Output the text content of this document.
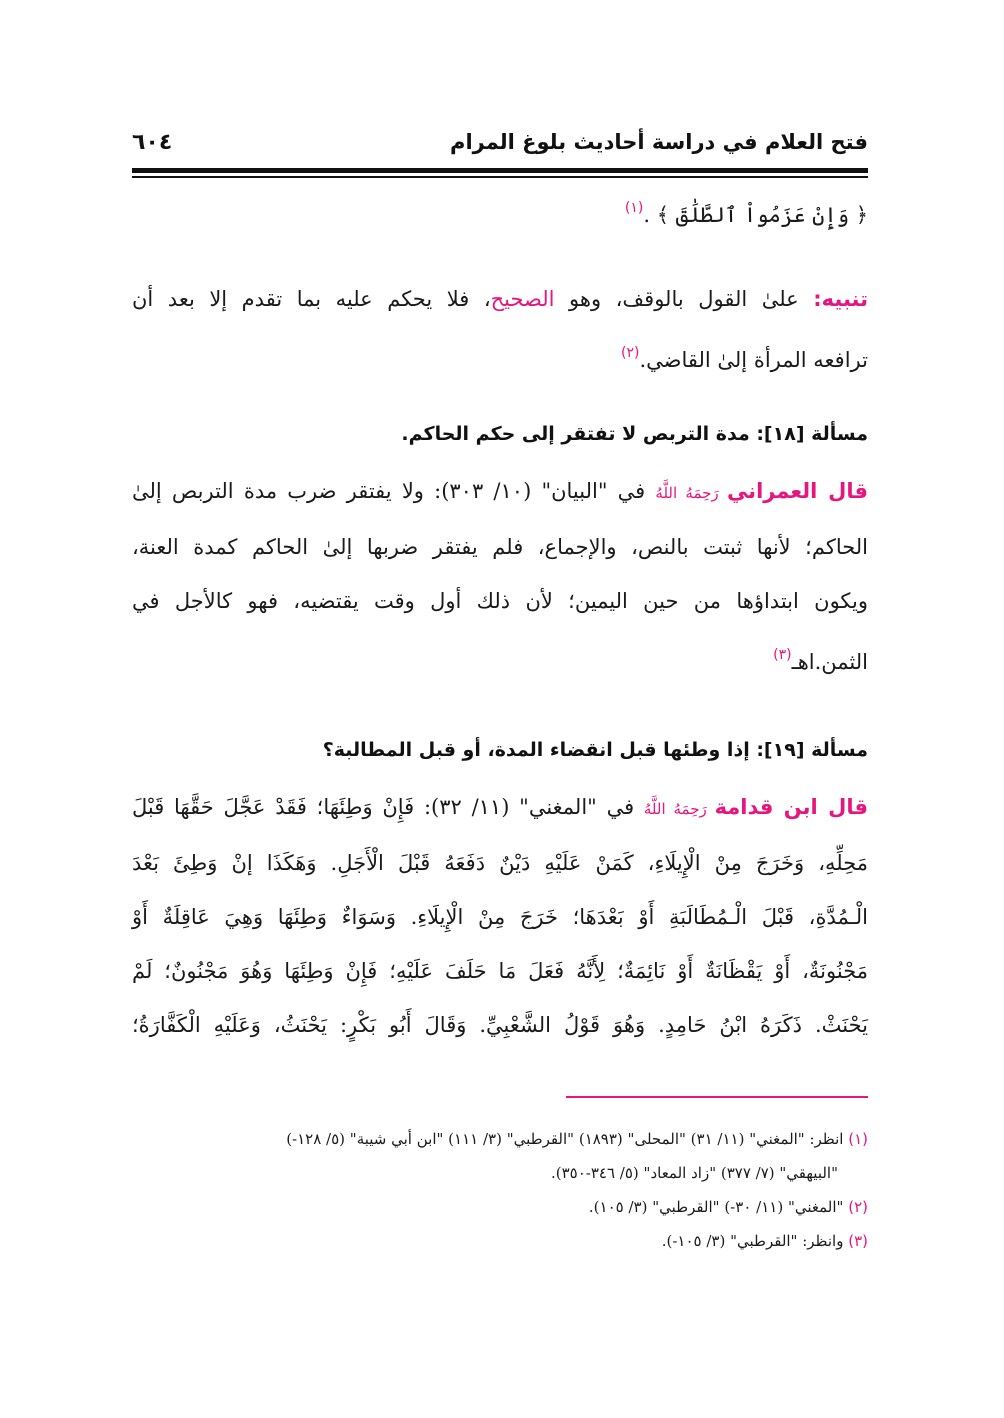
فتح العلام في دراسة أحاديث بلوغ المرام
٦٠٤
﴿ وَإِنْ عَزَمُواْ ٱلطَّلَٰقَ ﴾ .$^{(١)}$
تنبيه: علىٰ القول بالوقف، وهو الصحيح، فلا يحكم عليه بما تقدم إلا بعد أن
ترافعه المرأة إلىٰ القاضي.$^{(٢)}$
مسألة [١٨]: مدة التربص لا تفتقر إلى حكم الحاكم.
قال العمراني رَحِمَهُ اللَّهُ في "البيان" (١٠/ ٣٠٣): ولا يفتقر ضرب مدة التربص إلىٰ
الحاكم؛ لأنها ثبتت بالنص، والإجماع، فلم يفتقر ضربها إلىٰ الحاكم كمدة العنة،
ويكون ابتداؤها من حين اليمين؛ لأن ذلك أول وقت يقتضيه، فهو كالأجل في
الثمن.اهـ$^{(٣)}$
مسألة [١٩]: إذا وطئها قبل انقضاء المدة، أو قبل المطالبة؟
قال ابن قدامة رَحِمَهُ اللَّهُ في "المغني" (١١/ ٣٢): فَإِنْ وَطِئَهَا؛ فَقَدْ عَجَّلَ حَقَّهَا قَبْلَ
مَحِلِّهِ، وَخَرَجَ مِنْ الْإِيلَاءِ، كَمَنْ عَلَيْهِ دَيْنٌ دَفَعَهُ قَبْلَ الْأَجَلِ. وَهَكَذَا إنْ وَطِئَ بَعْدَ
الْـمُدَّةِ، قَبْلَ الْـمُطَالَبَةِ أَوْ بَعْدَهَا؛ خَرَجَ مِنْ الْإِيلَاءِ. وَسَوَاءٌ وَطِئَهَا وَهِيَ عَاقِلَةٌ أَوْ
مَجْنُونَةٌ، أَوْ يَقْظَانَةٌ أَوْ نَائِمَةٌ؛ لِأَنَّهُ فَعَلَ مَا حَلَفَ عَلَيْهِ؛ فَإِنْ وَطِئَهَا وَهُوَ مَجْنُونٌ؛ لَمْ
يَحْنَثْ. ذَكَرَهُ ابْنُ حَامِدٍ. وَهُوَ قَوْلُ الشَّعْبِيِّ. وَقَالَ أَبُو بَكْرٍ: يَحْنَثُ، وَعَلَيْهِ الْكَفَّارَةُ؛
(١) انظر: "المغني" (١١/ ٣١) "المحلى" (١٨٩٣) "القرطبي" (٣/ ١١١) "ابن أبي شيبة" (٥/ ١٢٨-)
"البيهقي" (٧/ ٣٧٧) "زاد المعاد" (٥/ ٣٤٦-٣٥٠).
(٢) "المغني" (١١/ ٣٠-) "القرطبي" (٣/ ١٠٥).
(٣) وانظر: "القرطبي" (٣/ ١٠٥-).
